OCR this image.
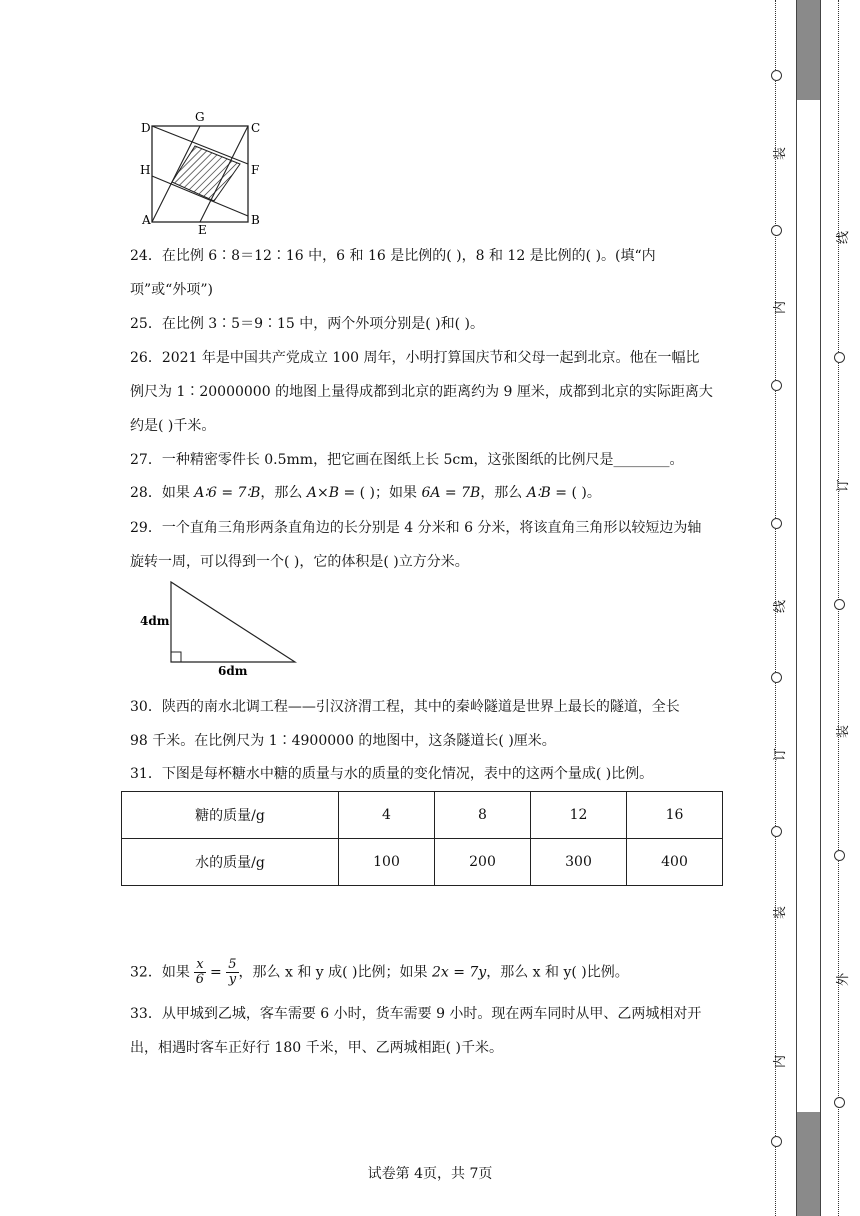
D
G
C
H	F
A
E
B
24．在比例 6∶8＝12∶16 中，6 和 16 是比例的( )，8 和 12 是比例的( )。(填“内
项”或“外项”)
25．在比例 3∶5＝9∶15 中，两个外项分别是( )和( )。
26．2021 年是中国共产党成立 100 周年，小明打算国庆节和父母一起到北京。他在一幅比
例尺为 1∶20000000 的地图上量得成都到北京的距离约为 9 厘米，成都到北京的实际距离大
约是( )千米。
27．一种精密零件长 0.5mm，把它画在图纸上长 5cm，这张图纸的比例尺是________。
28．如果 A∶6 = 7∶B，那么 A×B = ( )；如果 6A = 7B，那么 A∶B = ( )。
29．一个直角三角形两条直角边的长分别是 4 分米和 6 分米，将该直角三角形以较短边为轴
旋转一周，可以得到一个( )，它的体积是( )立方分米。
4dm
6dm
30．陕西的南水北调工程——引汉济渭工程，其中的秦岭隧道是世界上最长的隧道，全长
98 千米。在比例尺为 1∶4900000 的地图中，这条隧道长( )厘米。
31．下图是每杯糖水中糖的质量与水的质量的变化情况，表中的这两个量成( )比例。
糖的质量/g	4	8	12	16
水的质量/g	100	200	300	400
32．如果 $\frac{x}{6} = \frac{5}{y}$ ，那么 x 和 y 成( )比例；如果 2x = 7y，那么 x 和 y( )比例。
33．从甲城到乙城，客车需要 6 小时，货车需要 9 小时。现在两车同时从甲、乙两城相对开
出，相遇时客车正好行 180 千米，甲、乙两城相距( )千米。
试卷第 4页，共 7页
装
内
线
订
装
内
线
订
装
外
